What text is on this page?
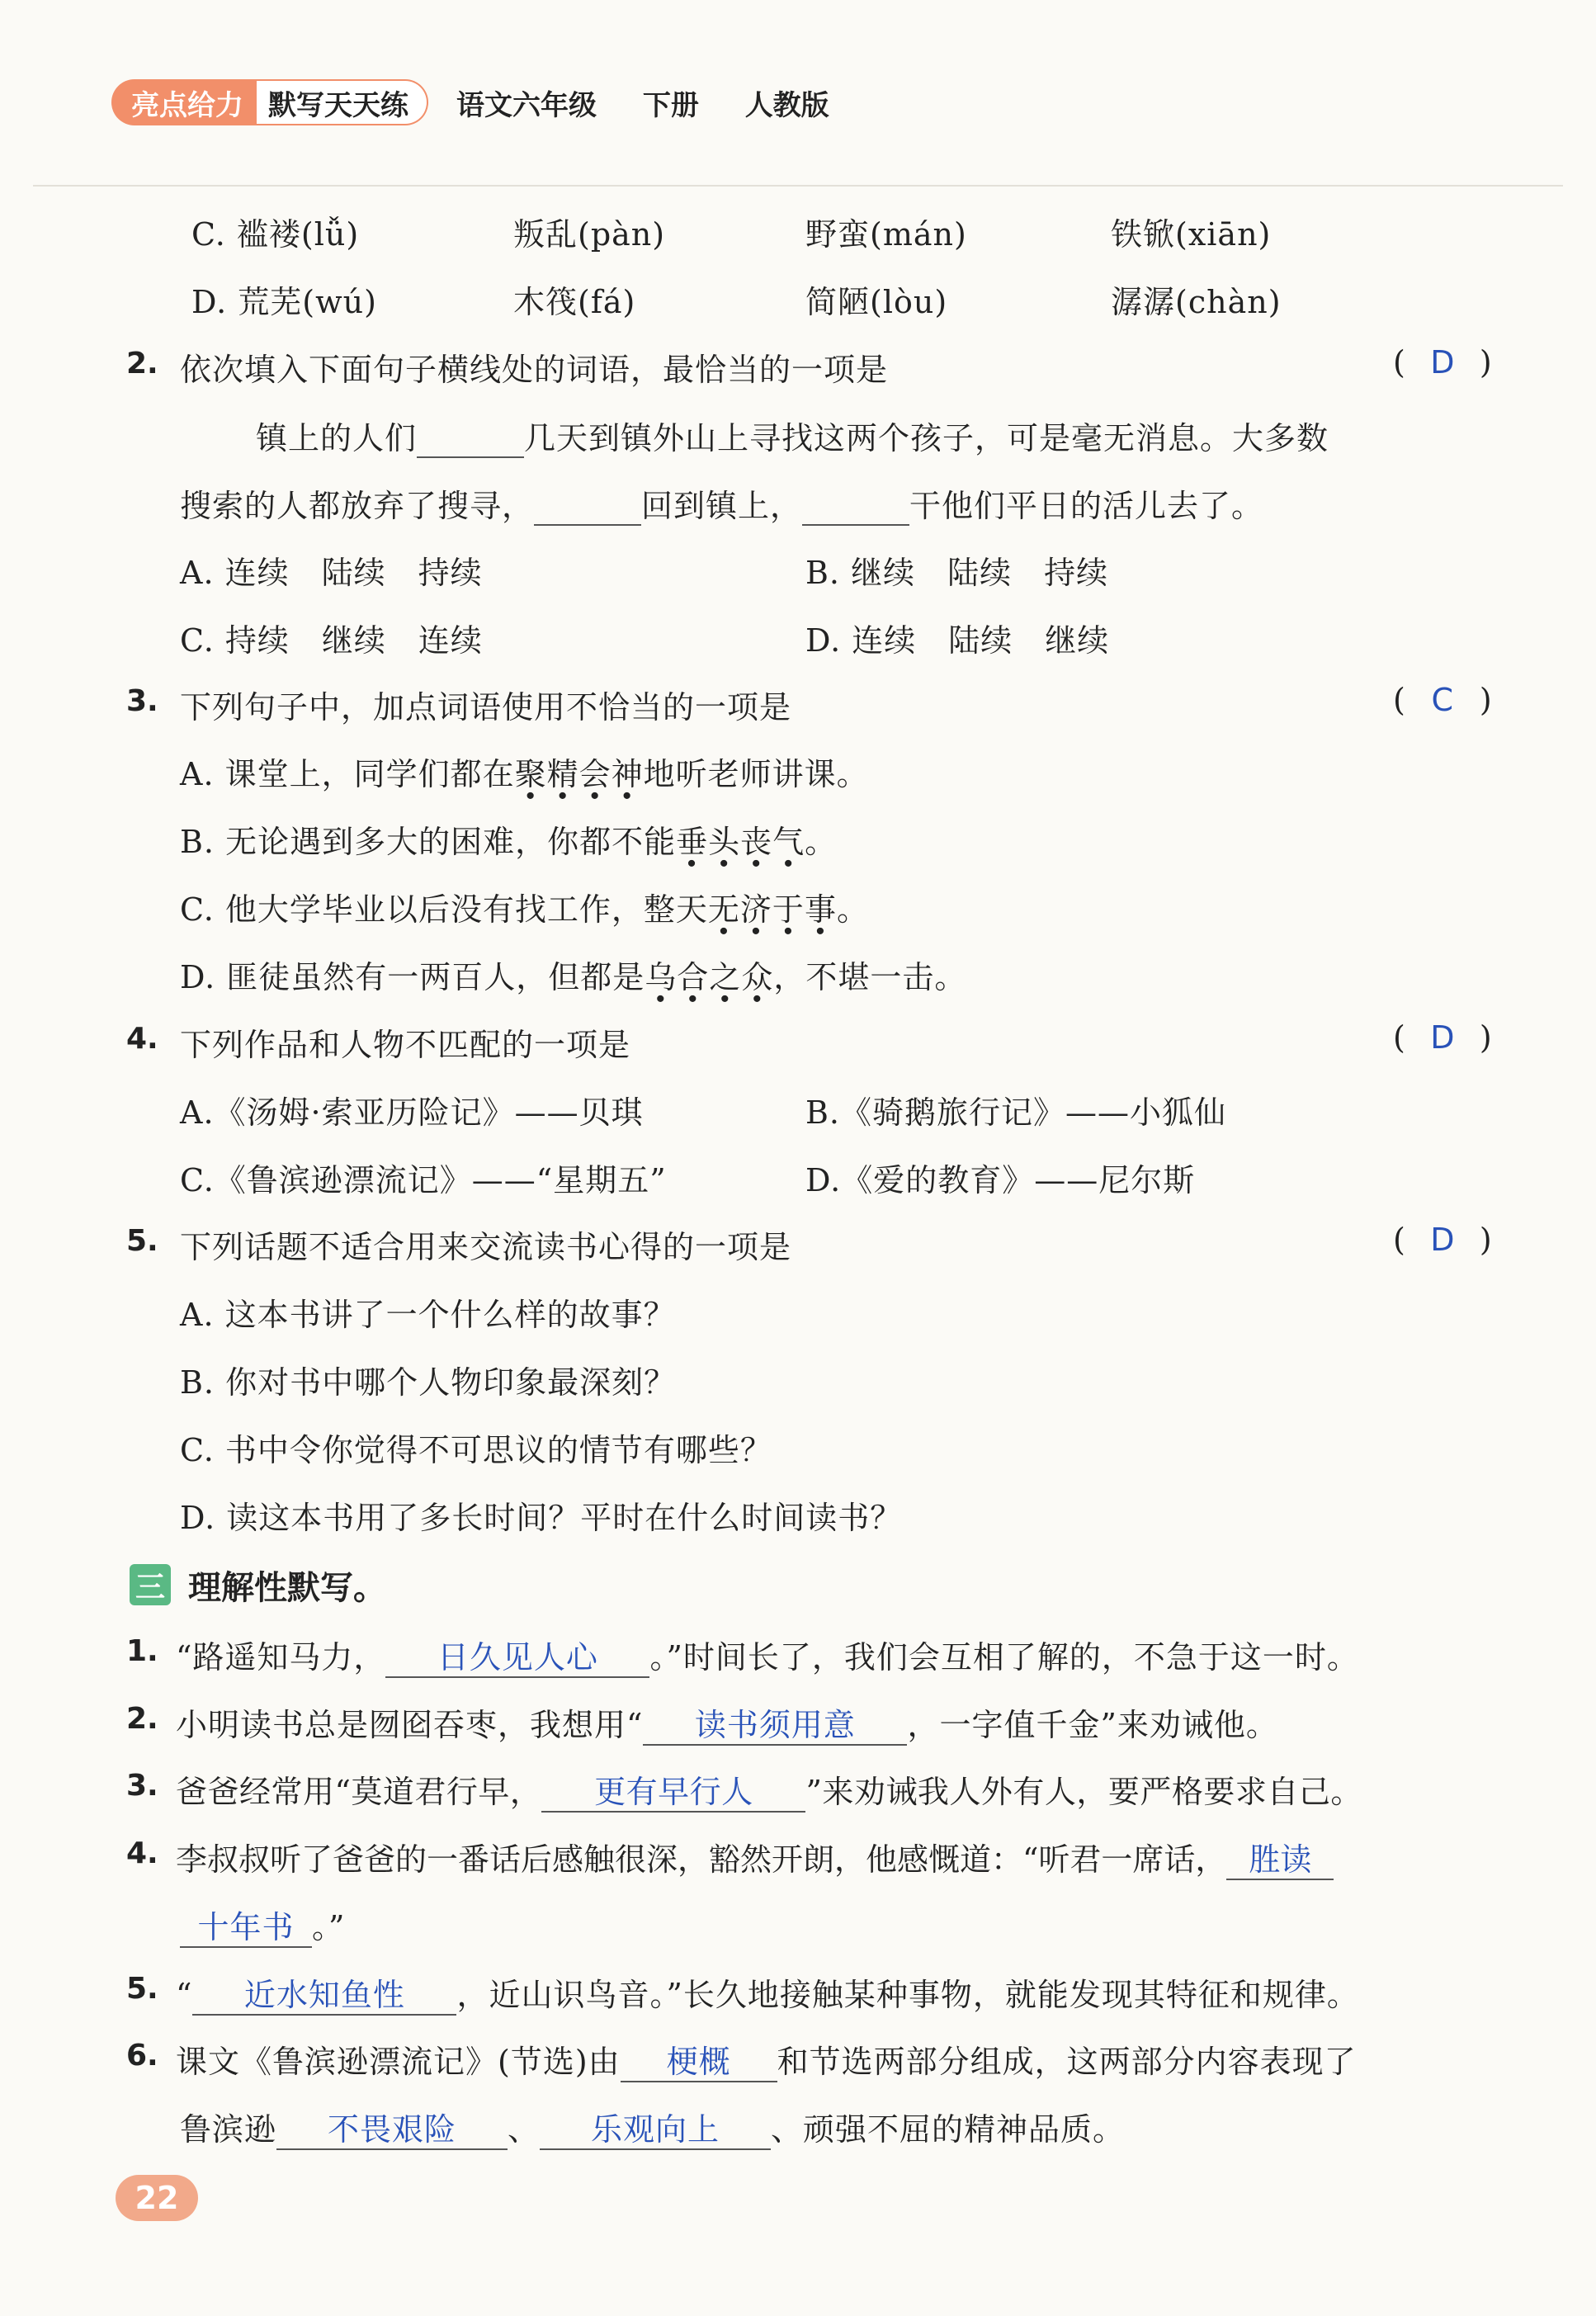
亮点给力 默写天天练	语文六年级 下册 人教版
C. 褴褛(lǚ)	叛乱(pàn)	野蛮(mán)	铁锨(xiān)
D. 荒芜(wú)	木筏(fá)	简陋(lòu)	潺潺(chàn)
2. 依次填入下面句子横线处的词语，最恰当的一项是	( D )
镇上的人们	几天到镇外山上寻找这两个孩子，可是毫无消息。大多数
搜索的人都放弃了搜寻，	回到镇上，	干他们平日的活儿去了。
A. 连续　陆续　持续	B. 继续　陆续　持续
C. 持续　继续　连续	D. 连续　陆续　继续
3. 下列句子中，加点词语使用不恰当的一项是	( C )
A. 课堂上，同学们都在聚精会神地听老师讲课。
B. 无论遇到多大的困难，你都不能垂头丧气。
C. 他大学毕业以后没有找工作，整天无济于事。
D. 匪徒虽然有一两百人，但都是乌合之众，不堪一击。
4. 下列作品和人物不匹配的一项是	( D )
A.《汤姆·索亚历险记》——贝琪	B.《骑鹅旅行记》——小狐仙
C.《鲁滨逊漂流记》——“星期五”	D.《爱的教育》——尼尔斯
5. 下列话题不适合用来交流读书心得的一项是	( D )
A. 这本书讲了一个什么样的故事？
B. 你对书中哪个人物印象最深刻？
C. 书中令你觉得不可思议的情节有哪些？
D. 读这本书用了多长时间？平时在什么时间读书？
三 理解性默写。
1. “路遥知马力， 日久见人心 。”时间长了，我们会互相了解的，不急于这一时。
2. 小明读书总是囫囵吞枣，我想用“ 读书须用意 ，一字值千金”来劝诫他。
3. 爸爸经常用“莫道君行早， 更有早行人 ”来劝诫我人外有人，要严格要求自己。
4. 李叔叔听了爸爸的一番话后感触很深，豁然开朗，他感慨道：“听君一席话， 胜读
十年书 。”
5. “ 近水知鱼性 ，近山识鸟音。”长久地接触某种事物，就能发现其特征和规律。
6. 课文《鲁滨逊漂流记》(节选)由 梗概 和节选两部分组成，这两部分内容表现了
鲁滨逊 不畏艰险 、 乐观向上 、顽强不屈的精神品质。
22
